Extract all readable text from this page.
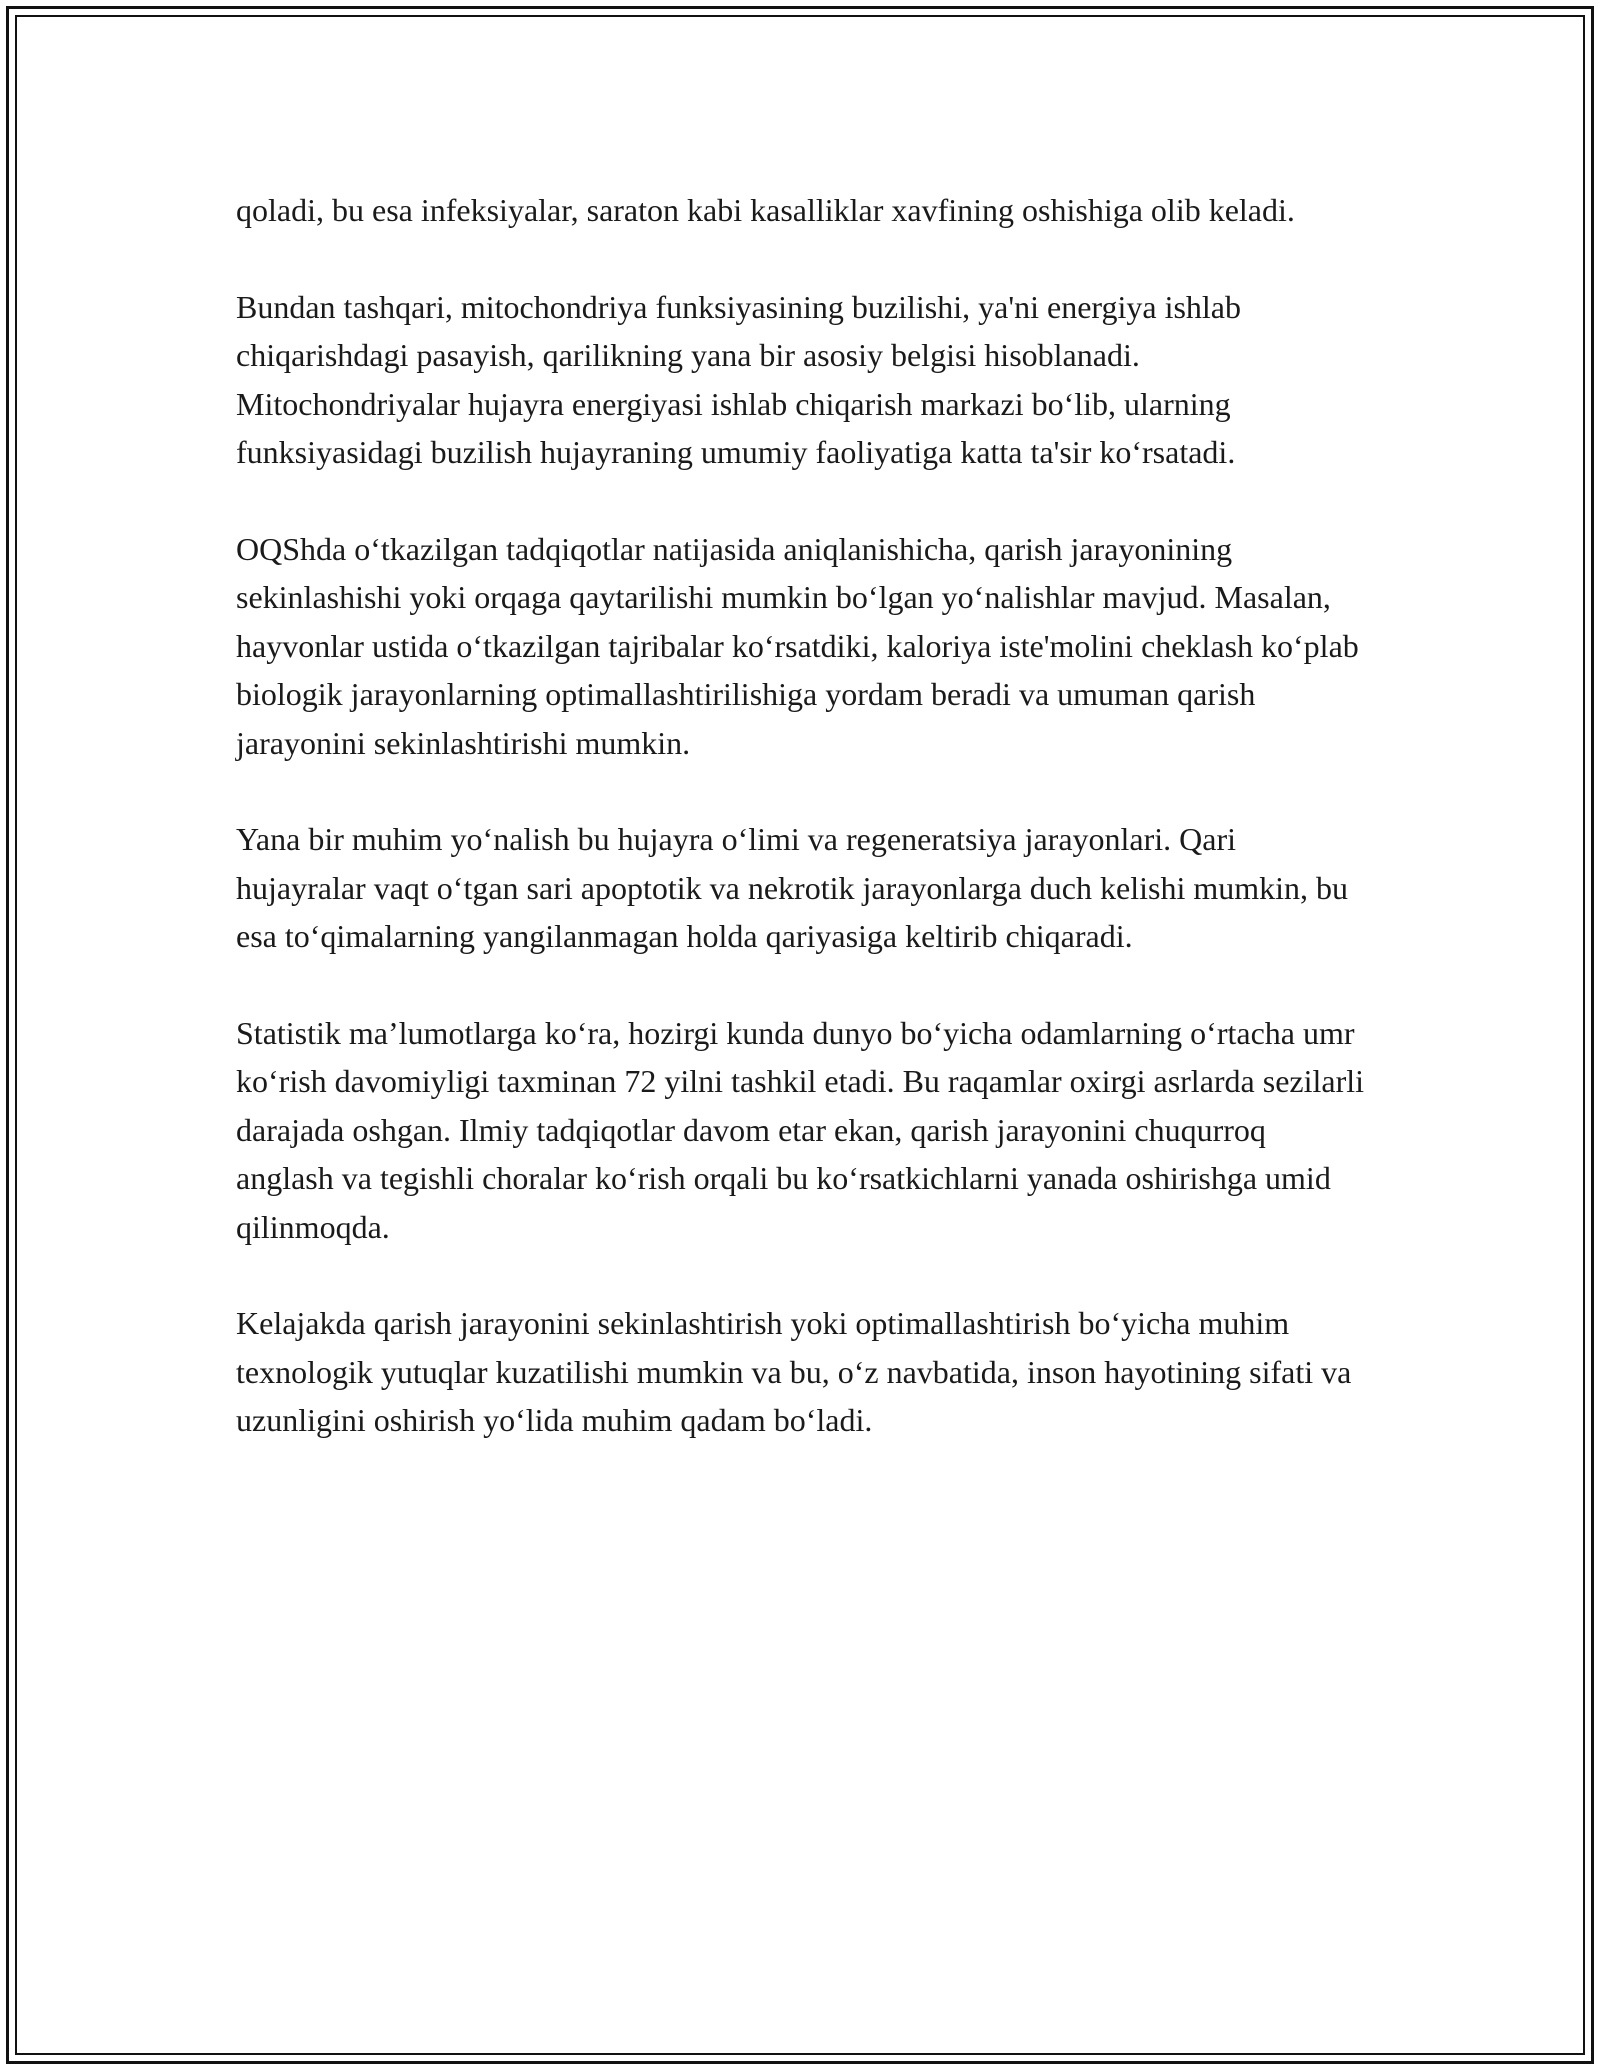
qoladi, bu esa infeksiyalar, saraton kabi kasalliklar xavfining oshishiga olib keladi.

Bundan tashqari, mitochondriya funksiyasining buzilishi, ya'ni energiya ishlab chiqarishdagi pasayish, qarilikning yana bir asosiy belgisi hisoblanadi. Mitochondriyalar hujayra energiyasi ishlab chiqarish markazi bo‘lib, ularning funksiyasidagi buzilish hujayraning umumiy faoliyatiga katta ta'sir ko‘rsatadi.

OQShda o‘tkazilgan tadqiqotlar natijasida aniqlanishicha, qarish jarayonining sekinlashishi yoki orqaga qaytarilishi mumkin bo‘lgan yo‘nalishlar mavjud. Masalan, hayvonlar ustida o‘tkazilgan tajribalar ko‘rsatdiki, kaloriya iste'molini cheklash ko‘plab biologik jarayonlarning optimallashtirilishiga yordam beradi va umuman qarish jarayonini sekinlashtirishi mumkin.

Yana bir muhim yo‘nalish bu hujayra o‘limi va regeneratsiya jarayonlari. Qari hujayralar vaqt o‘tgan sari apoptotik va nekrotik jarayonlarga duch kelishi mumkin, bu esa to‘qimalarning yangilanmagan holda qariyasiga keltirib chiqaradi.

Statistik ma’lumotlarga ko‘ra, hozirgi kunda dunyo bo‘yicha odamlarning o‘rtacha umr ko‘rish davomiyligi taxminan 72 yilni tashkil etadi. Bu raqamlar oxirgi asrlarda sezilarli darajada oshgan. Ilmiy tadqiqotlar davom etar ekan, qarish jarayonini chuqurroq anglash va tegishli choralar ko‘rish orqali bu ko‘rsatkichlarni yanada oshirishga umid qilinmoqda.

Kelajakda qarish jarayonini sekinlashtirish yoki optimallashtirish bo‘yicha muhim texnologik yutuqlar kuzatilishi mumkin va bu, o‘z navbatida, inson hayotining sifati va uzunligini oshirish yo‘lida muhim qadam bo‘ladi.
